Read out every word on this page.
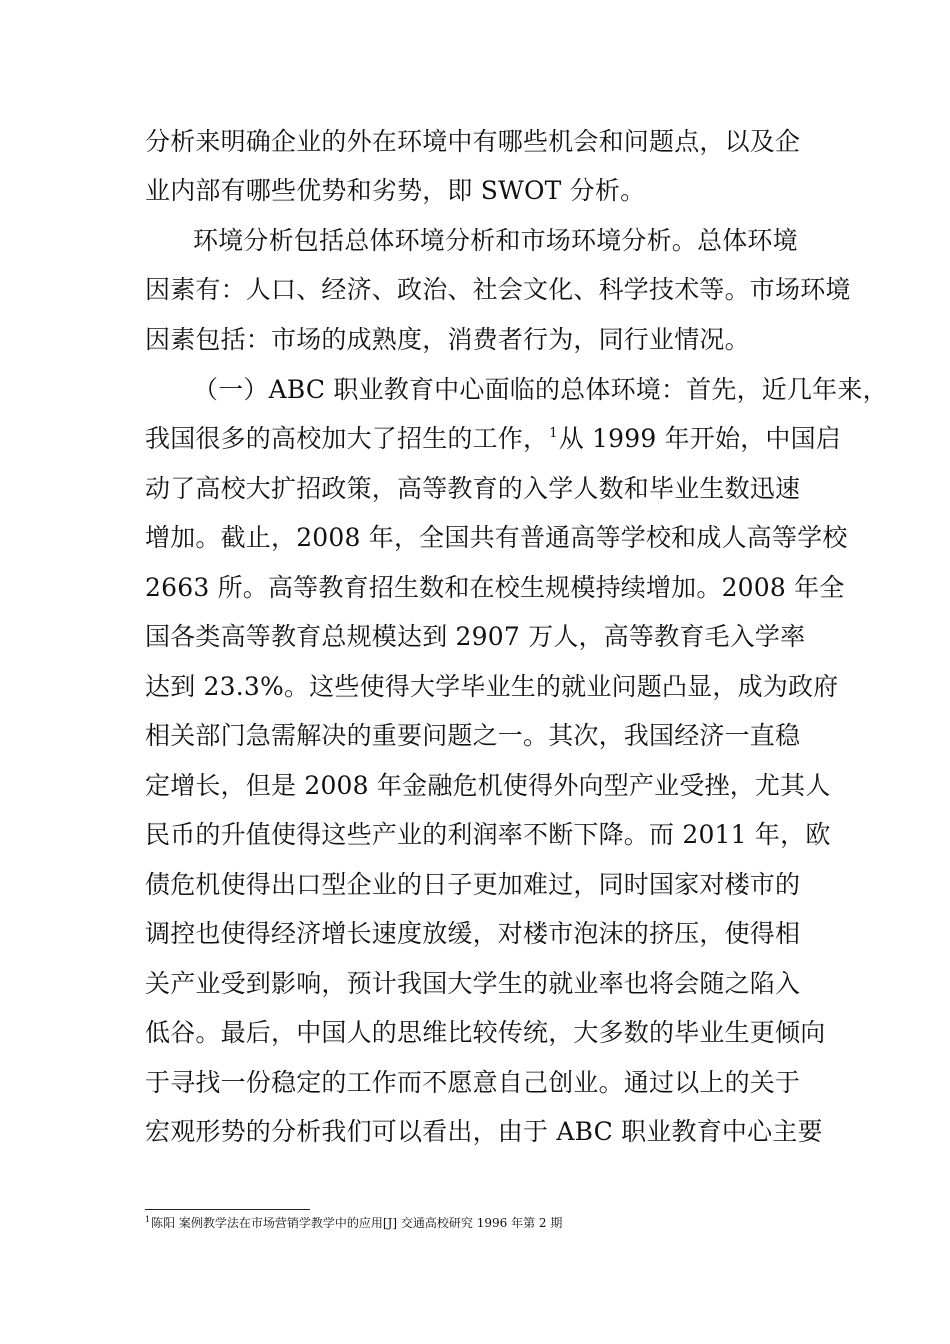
分析来明确企业的外在环境中有哪些机会和问题点，以及企
业内部有哪些优势和劣势，即 SWOT 分析。
环境分析包括总体环境分析和市场环境分析。总体环境
因素有：人口、经济、政治、社会文化、科学技术等。市场环境
因素包括：市场的成熟度，消费者行为，同行业情况。
（一）ABC 职业教育中心面临的总体环境：首先，近几年来，
我国很多的高校加大了招生的工作，$^1$从 1999 年开始，中国启
动了高校大扩招政策，高等教育的入学人数和毕业生数迅速
增加。截止，2008 年，全国共有普通高等学校和成人高等学校
2663 所。高等教育招生数和在校生规模持续增加。2008 年全
国各类高等教育总规模达到 2907 万人，高等教育毛入学率
达到 23.3%。这些使得大学毕业生的就业问题凸显，成为政府
相关部门急需解决的重要问题之一。其次，我国经济一直稳
定增长，但是 2008 年金融危机使得外向型产业受挫，尤其人
民币的升值使得这些产业的利润率不断下降。而 2011 年，欧
债危机使得出口型企业的日子更加难过，同时国家对楼市的
调控也使得经济增长速度放缓，对楼市泡沫的挤压，使得相
关产业受到影响，预计我国大学生的就业率也将会随之陷入
低谷。最后，中国人的思维比较传统，大多数的毕业生更倾向
于寻找一份稳定的工作而不愿意自己创业。通过以上的关于
宏观形势的分析我们可以看出，由于 ABC 职业教育中心主要
$^1$陈阳 案例教学法在市场营销学教学中的应用[J] 交通高校研究 1996 年第 2 期
